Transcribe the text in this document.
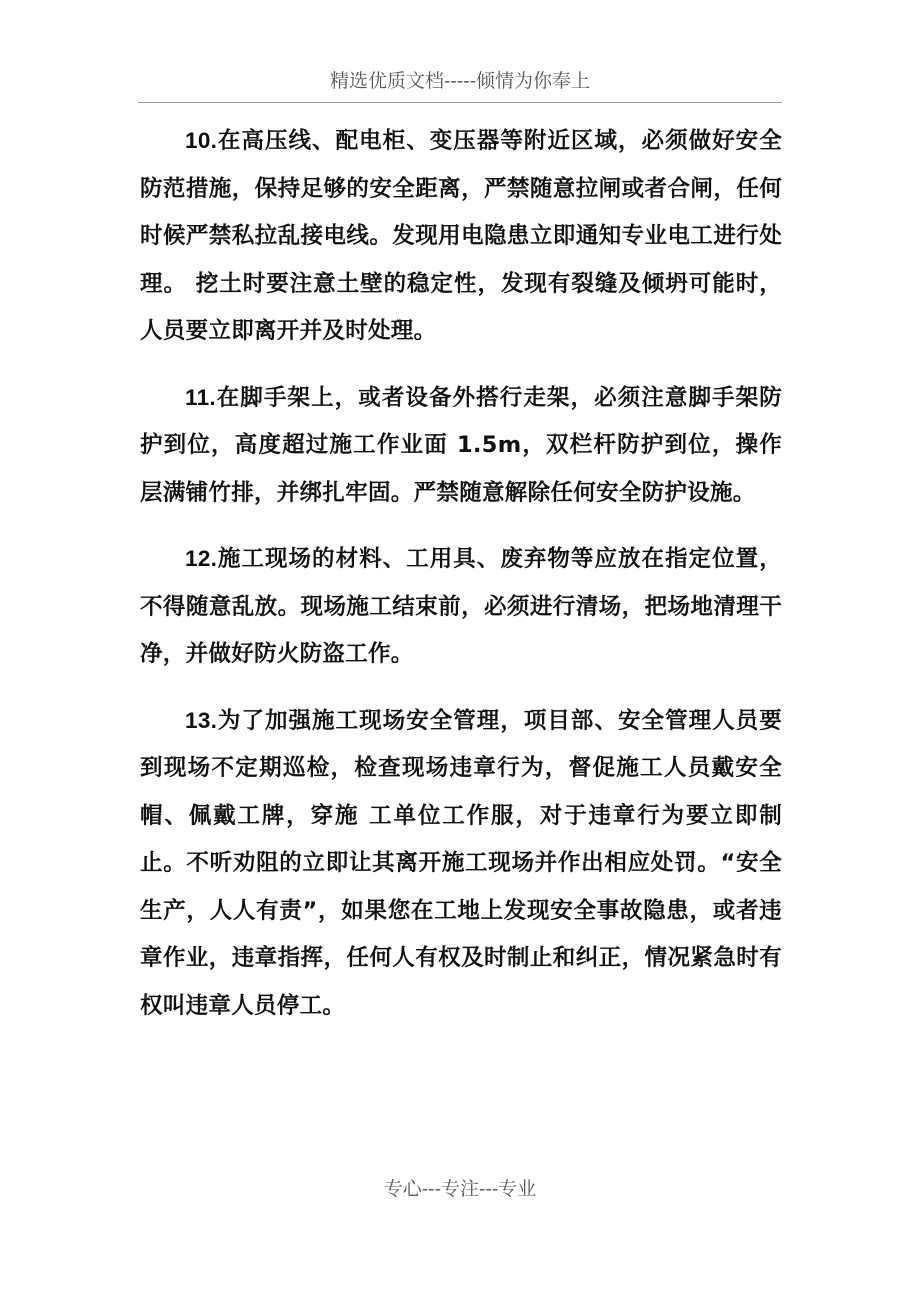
精选优质文档-----倾情为你奉上

10.在高压线、配电柜、变压器等附近区域，必须做好安全防范措施，保持足够的安全距离，严禁随意拉闸或者合闸，任何时候严禁私拉乱接电线。发现用电隐患立即通知专业电工进行处理。 挖土时要注意土壁的稳定性，发现有裂缝及倾坍可能时，人员要立即离开并及时处理。

11.在脚手架上，或者设备外搭行走架，必须注意脚手架防护到位，高度超过施工作业面 1.5m，双栏杆防护到位，操作层满铺竹排，并绑扎牢固。严禁随意解除任何安全防护设施。

12.施工现场的材料、工用具、废弃物等应放在指定位置，不得随意乱放。现场施工结束前，必须进行清场，把场地清理干净，并做好防火防盗工作。

13.为了加强施工现场安全管理，项目部、安全管理人员要到现场不定期巡检，检查现场违章行为，督促施工人员戴安全帽、佩戴工牌，穿施 工单位工作服，对于违章行为要立即制止。不听劝阻的立即让其离开施工现场并作出相应处罚。“安全生产，人人有责”，如果您在工地上发现安全事故隐患，或者违章作业，违章指挥，任何人有权及时制止和纠正，情况紧急时有权叫违章人员停工。

专心---专注---专业
